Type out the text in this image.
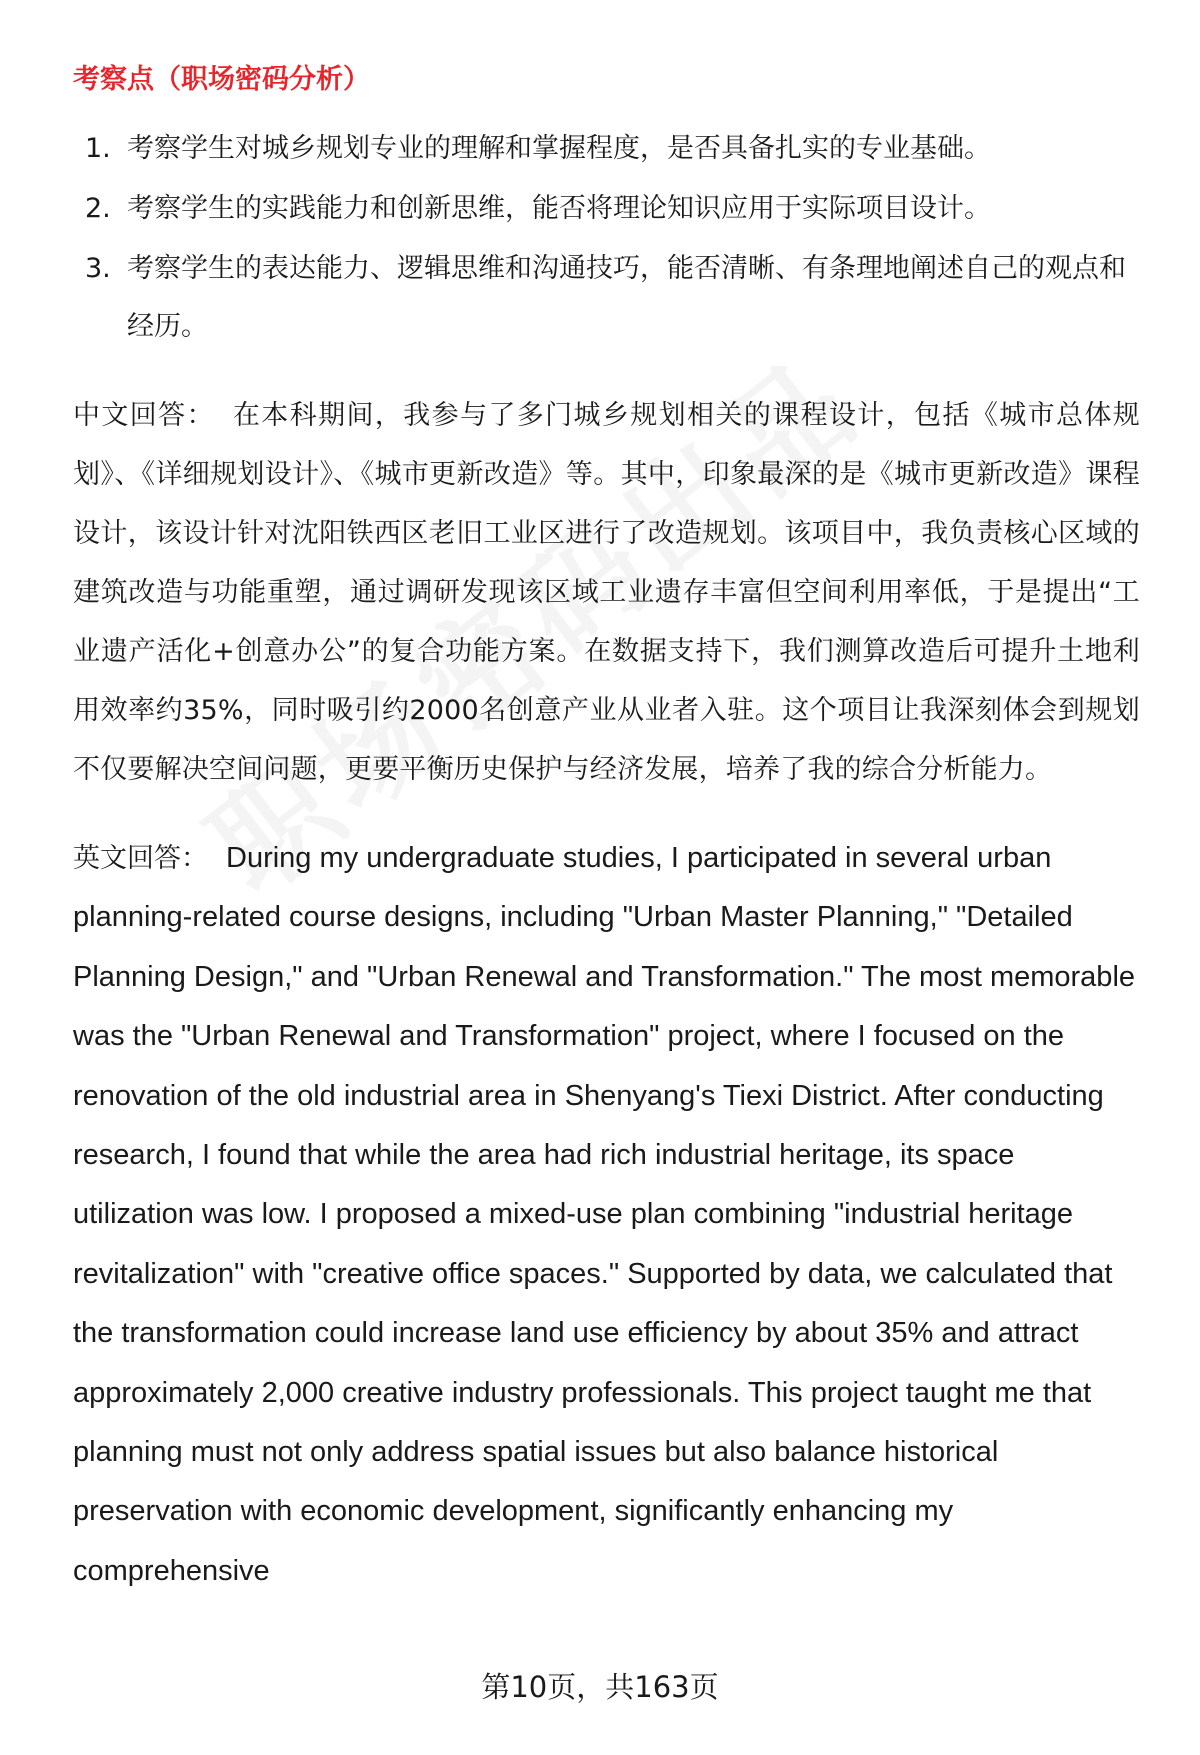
考察点（职场密码分析）
1. 考察学生对城乡规划专业的理解和掌握程度，是否具备扎实的专业基础。
2. 考察学生的实践能力和创新思维，能否将理论知识应用于实际项目设计。
3. 考察学生的表达能力、逻辑思维和沟通技巧，能否清晰、有条理地阐述自己的观点和经历。

中文回答： 在本科期间，我参与了多门城乡规划相关的课程设计，包括《城市总体规划》、《详细规划设计》、《城市更新改造》等。其中，印象最深的是《城市更新改造》课程设计，该设计针对沈阳铁西区老旧工业区进行了改造规划。该项目中，我负责核心区域的建筑改造与功能重塑，通过调研发现该区域工业遗存丰富但空间利用率低，于是提出“工业遗产活化+创意办公”的复合功能方案。在数据支持下，我们测算改造后可提升土地利用效率约35%，同时吸引约2000名创意产业从业者入驻。这个项目让我深刻体会到规划不仅要解决空间问题，更要平衡历史保护与经济发展，培养了我的综合分析能力。

英文回答： During my undergraduate studies, I participated in several urban planning-related course designs, including "Urban Master Planning," "Detailed Planning Design," and "Urban Renewal and Transformation." The most memorable was the "Urban Renewal and Transformation" project, where I focused on the renovation of the old industrial area in Shenyang's Tiexi District. After conducting research, I found that while the area had rich industrial heritage, its space utilization was low. I proposed a mixed-use plan combining "industrial heritage revitalization" with "creative office spaces." Supported by data, we calculated that the transformation could increase land use efficiency by about 35% and attract approximately 2,000 creative industry professionals. This project taught me that planning must not only address spatial issues but also balance historical preservation with economic development, significantly enhancing my comprehensive

第10页，共163页
